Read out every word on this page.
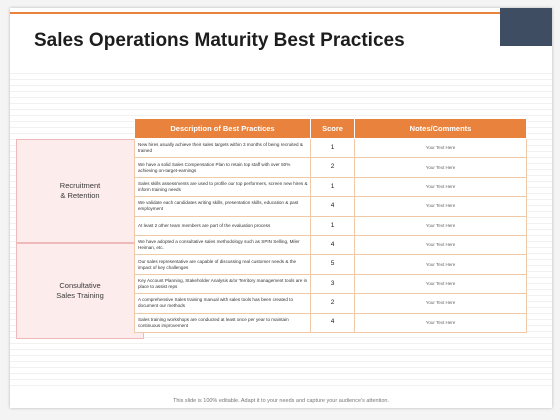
Sales Operations Maturity Best Practices
This slide is 100% editable. Adapt it to your needs and capture your audience's attention.
Recruitment
& Retention
Consultative
Sales Training
Description of Best Practices	Score	Notes/Comments
New hires usually achieve their sales targets within 3 months of being recruited & trained	1	Your Text Here
We have a solid Sales Compensation Plan to retain top staff with over 50% achieving on-target-earnings	2	Your Text Here
Sales skills assessments are used to profile our top performers, screen new hires & inform training needs	1	Your Text Here
We validate each candidates writing skills, presentation skills, education & past employment	4	Your Text Here
At least 2 other team members are part of the evaluation process	1	Your Text Here
We have adopted a consultative sales methodology such as SPIN Selling, Miler Heiman, etc.	4	Your Text Here
Our sales representative are capable of discussing real customer needs & the impact of key challenges	5	Your Text Here
Key Account Planning, Stakeholder Analysis &/or Territory management tools are in place to assist reps	3	Your Text Here
A comprehensive Sales training manual with sales tools has been created to document our methods	2	Your Text Here
Sales training workshops are conducted at least once per year to maintain continuous improvement	4	Your Text Here
